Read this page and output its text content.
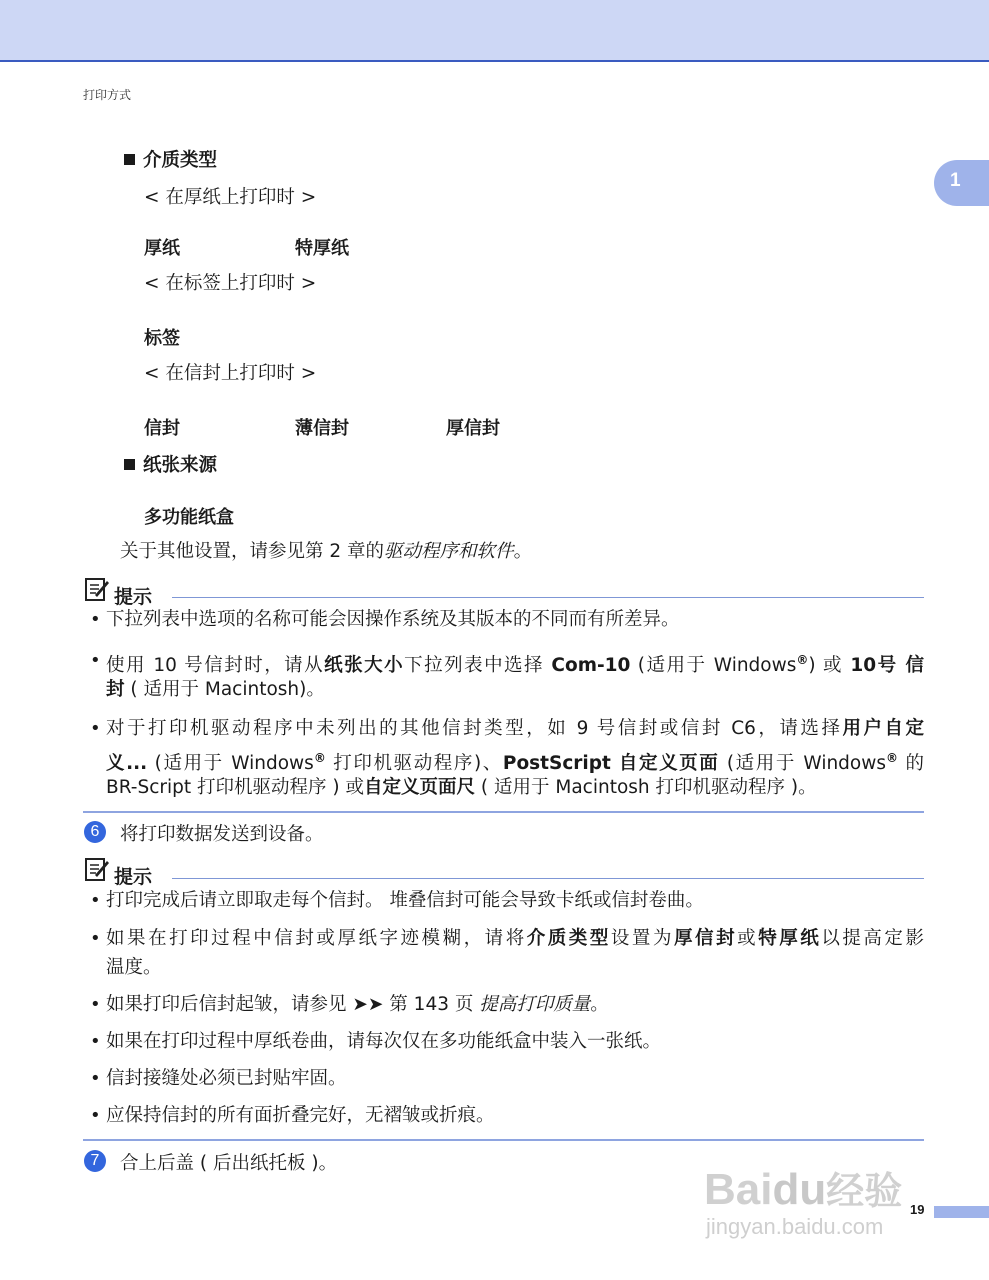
打印方式
1
介质类型
< 在厚纸上打印时 >
厚纸	特厚纸
< 在标签上打印时 >
标签
< 在信封上打印时 >
信封	薄信封	厚信封
纸张来源
多功能纸盒
关于其他设置，请参见第 2 章的驱动程序和软件。
提示
• 下拉列表中选项的名称可能会因操作系统及其版本的不同而有所差异。
• 使用 10 号信封时，请从纸张大小下拉列表中选择 Com-10 (适用于 Windows®) 或 10号 信
封 ( 适用于 Macintosh)。
• 对于打印机驱动程序中未列出的其他信封类型，如 9 号信封或信封 C6，请选择用户自定
义... (适用于 Windows® 打印机驱动程序)、PostScript 自定义页面 (适用于 Windows® 的
BR-Script 打印机驱动程序 ) 或自定义页面尺 ( 适用于 Macintosh 打印机驱动程序 )。
6	将打印数据发送到设备。
提示
• 打印完成后请立即取走每个信封。 堆叠信封可能会导致卡纸或信封卷曲。
• 如果在打印过程中信封或厚纸字迹模糊，请将介质类型设置为厚信封或特厚纸以提高定影
温度。
• 如果打印后信封起皱，请参见 ➤➤ 第 143 页 提高打印质量。
• 如果在打印过程中厚纸卷曲，请每次仅在多功能纸盒中装入一张纸。
• 信封接缝处必须已封贴牢固。
• 应保持信封的所有面折叠完好，无褶皱或折痕。
7	合上后盖 ( 后出纸托板 )。
Baidu经验
jingyan.baidu.com
19
